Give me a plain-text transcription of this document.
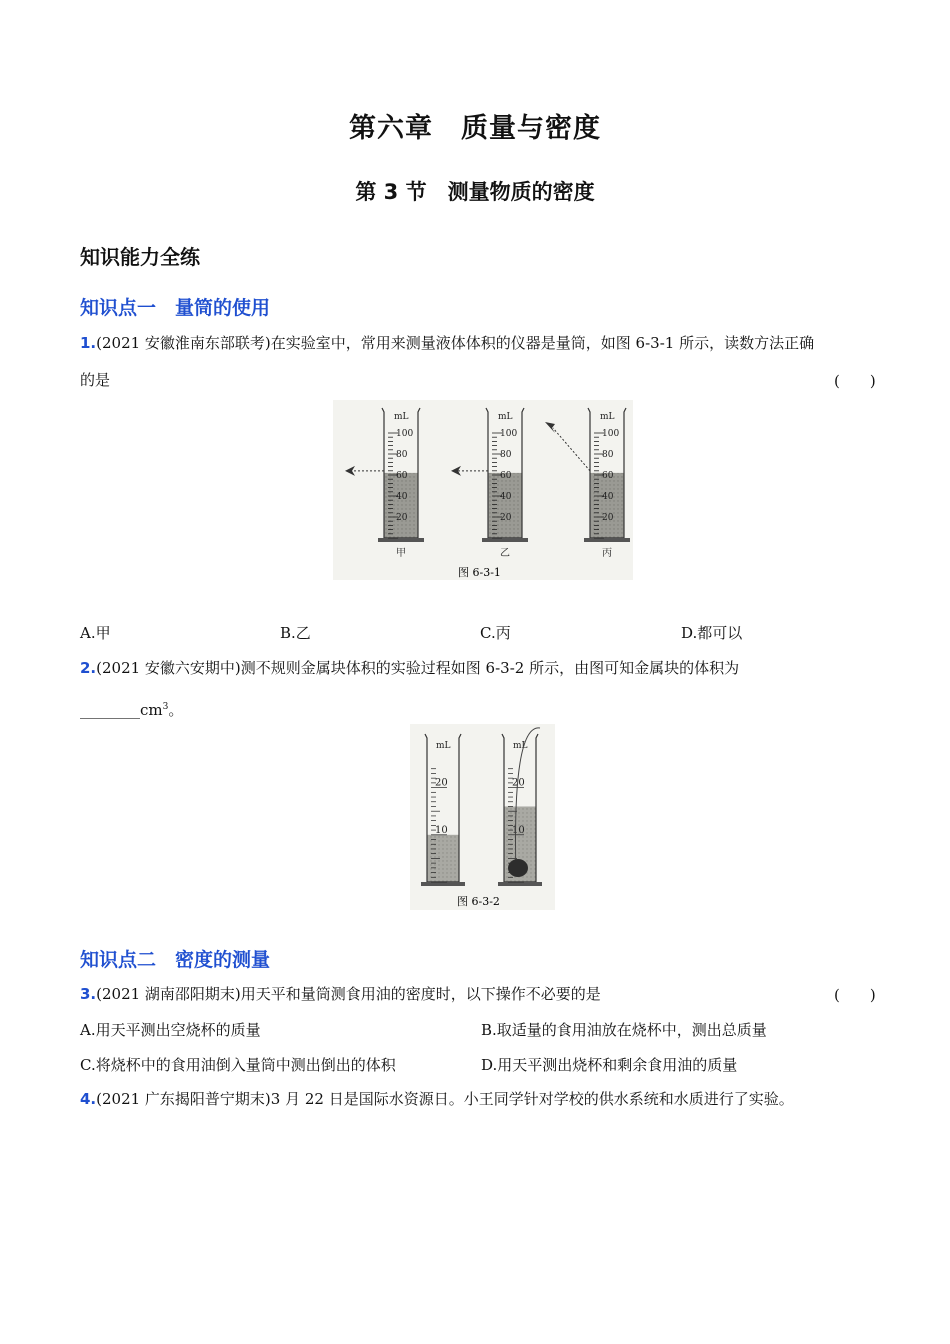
第六章　质量与密度
第 3 节　测量物质的密度
知识能力全练
知识点一　量筒的使用
1.(2021 安徽淮南东部联考)在实验室中，常用来测量液体体积的仪器是量筒，如图 6-3-1 所示，读数方法正确
的是	(　　)
mL
100
80
60
40
20
甲
mL
100
80
60
40
20
乙
mL
100
80
60
40
20
丙
图 6-3-1
A.甲	B.乙	C.丙	D.都可以
2.(2021 安徽六安期中)测不规则金属块体积的实验过程如图 6-3-2 所示，由图可知金属块的体积为
$\_\_\_\_\_\_\_\_cm^3$。
mL
20
10
mL
20
10
图 6-3-2
知识点二　密度的测量
3.(2021 湖南邵阳期末)用天平和量筒测食用油的密度时，以下操作不必要的是	(　　)
A.用天平测出空烧杯的质量	B.取适量的食用油放在烧杯中，测出总质量
C.将烧杯中的食用油倒入量筒中测出倒出的体积	D.用天平测出烧杯和剩余食用油的质量
4.(2021 广东揭阳普宁期末)3 月 22 日是国际水资源日。小王同学针对学校的供水系统和水质进行了实验。
